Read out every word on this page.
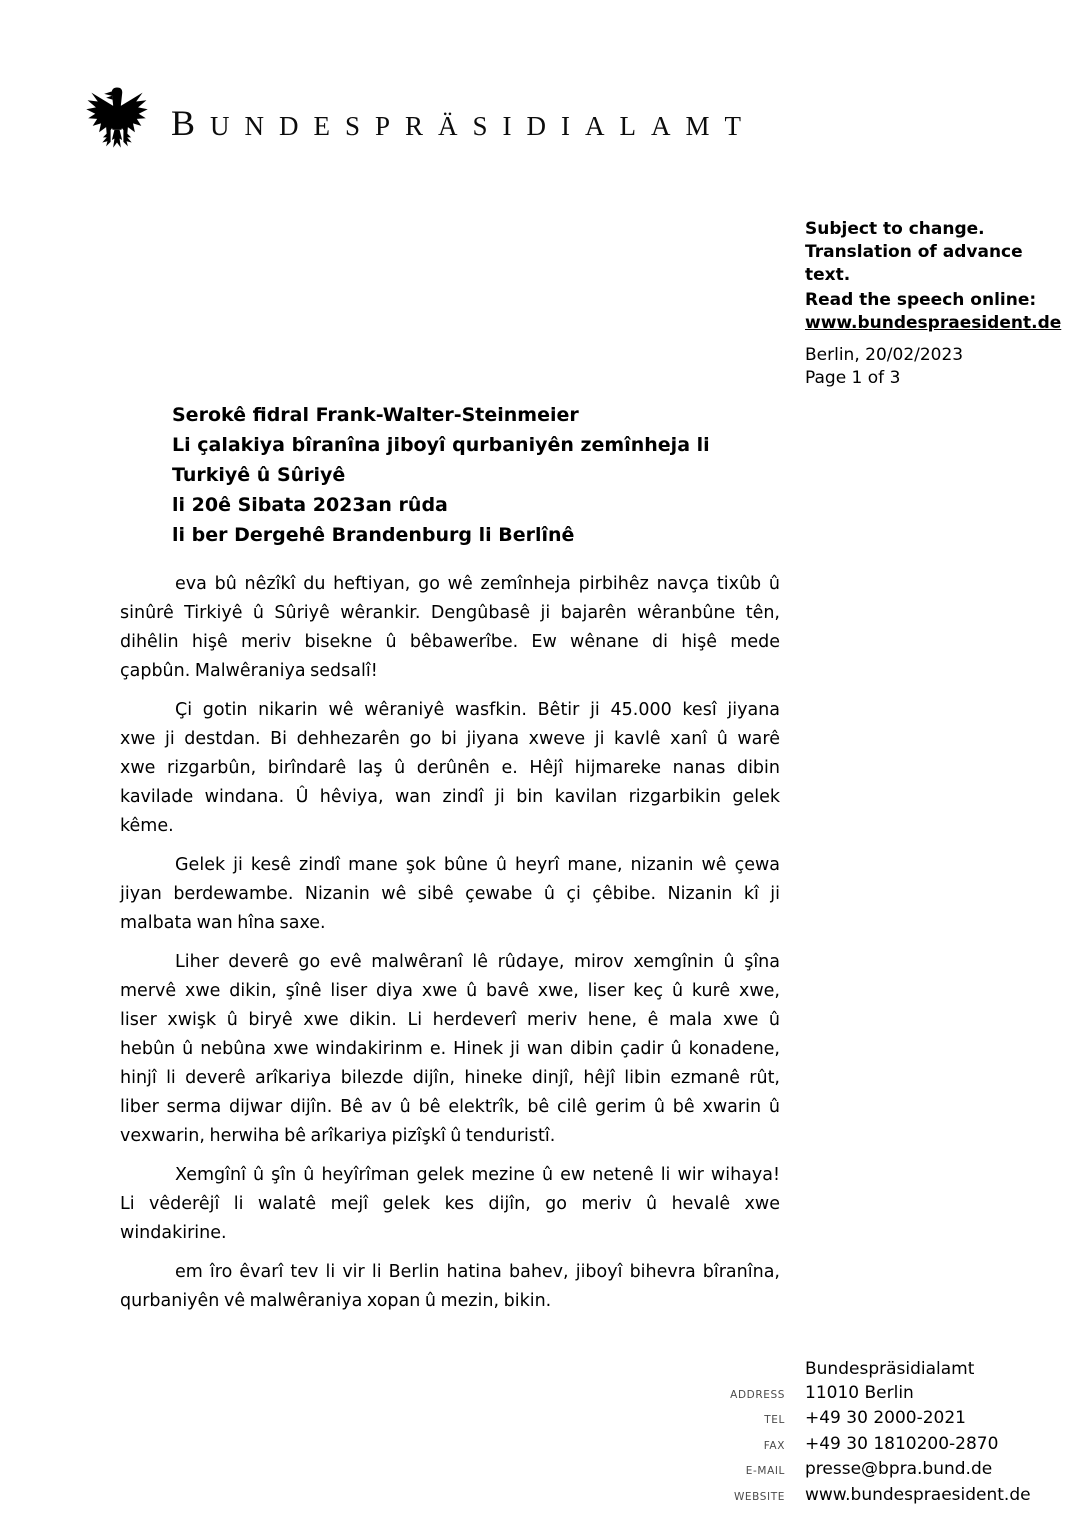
BUNDESPRÄSIDIALAMT
Subject to change.
Translation of advance
text.
Read the speech online:
www.bundespraesident.de
Berlin, 20/02/2023
Page 1 of 3
Serokê fidral Frank-Walter-Steinmeier
Li çalakiya bîranîna jiboyî qurbaniyên zemînheja li
Turkiyê û Sûriyê
li 20ê Sibata 2023an rûda
li ber Dergehê Brandenburg li Berlînê

eva bû nêzîkî du heftiyan, go wê zemînheja pirbihêz navça tixûb û
sinûrê Tirkiyê û Sûriyê wêrankir. Dengûbasê ji bajarên wêranbûne tên,
dihêlin hişê meriv bisekne û bêbawerîbe. Ew wênane di hişê mede
çapbûn. Malwêraniya sedsalî!

Çi gotin nikarin wê wêraniyê wasfkin. Bêtir ji 45.000 kesî jiyana
xwe ji destdan. Bi dehhezarên go bi jiyana xweve ji kavlê xanî û warê
xwe rizgarbûn, birîndarê laş û derûnên e. Hêjî hijmareke nanas dibin
kavilade windana. Û hêviya, wan zindî ji bin kavilan rizgarbikin gelek
kême.

Gelek ji kesê zindî mane şok bûne û heyrî mane, nizanin wê çewa
jiyan berdewambe. Nizanin wê sibê çewabe û çi çêbibe. Nizanin kî ji
malbata wan hîna saxe.

Liher deverê go evê malwêranî lê rûdaye, mirov xemgînin û şîna
mervê xwe dikin, şînê liser diya xwe û bavê xwe, liser keç û kurê xwe,
liser xwişk û biryê xwe dikin. Li herdeverî meriv hene, ê mala xwe û
hebûn û nebûna xwe windakirinm e. Hinek ji wan dibin çadir û konadene,
hinjî li deverê arîkariya bilezde dijîn, hineke dinjî, hêjî libin ezmanê rût,
liber serma dijwar dijîn. Bê av û bê elektrîk, bê cilê gerim û bê xwarin û
vexwarin, herwiha bê arîkariya pizîşkî û tenduristî.

Xemgînî û şîn û heyîrîman gelek mezine û ew netenê li wir wihaya!
Li vêderêjî li walatê mejî gelek kes dijîn, go meriv û hevalê xwe
windakirine.

em îro êvarî tev li vir li Berlin hatina bahev, jiboyî bihevra bîranîna,
qurbaniyên vê malwêraniya xopan û mezin, bikin.

Bundespräsidialamt
ADDRESS	11010 Berlin
TEL	+49 30 2000-2021
FAX	+49 30 1810200-2870
E-MAIL	presse@bpra.bund.de
WEBSITE	www.bundespraesident.de
